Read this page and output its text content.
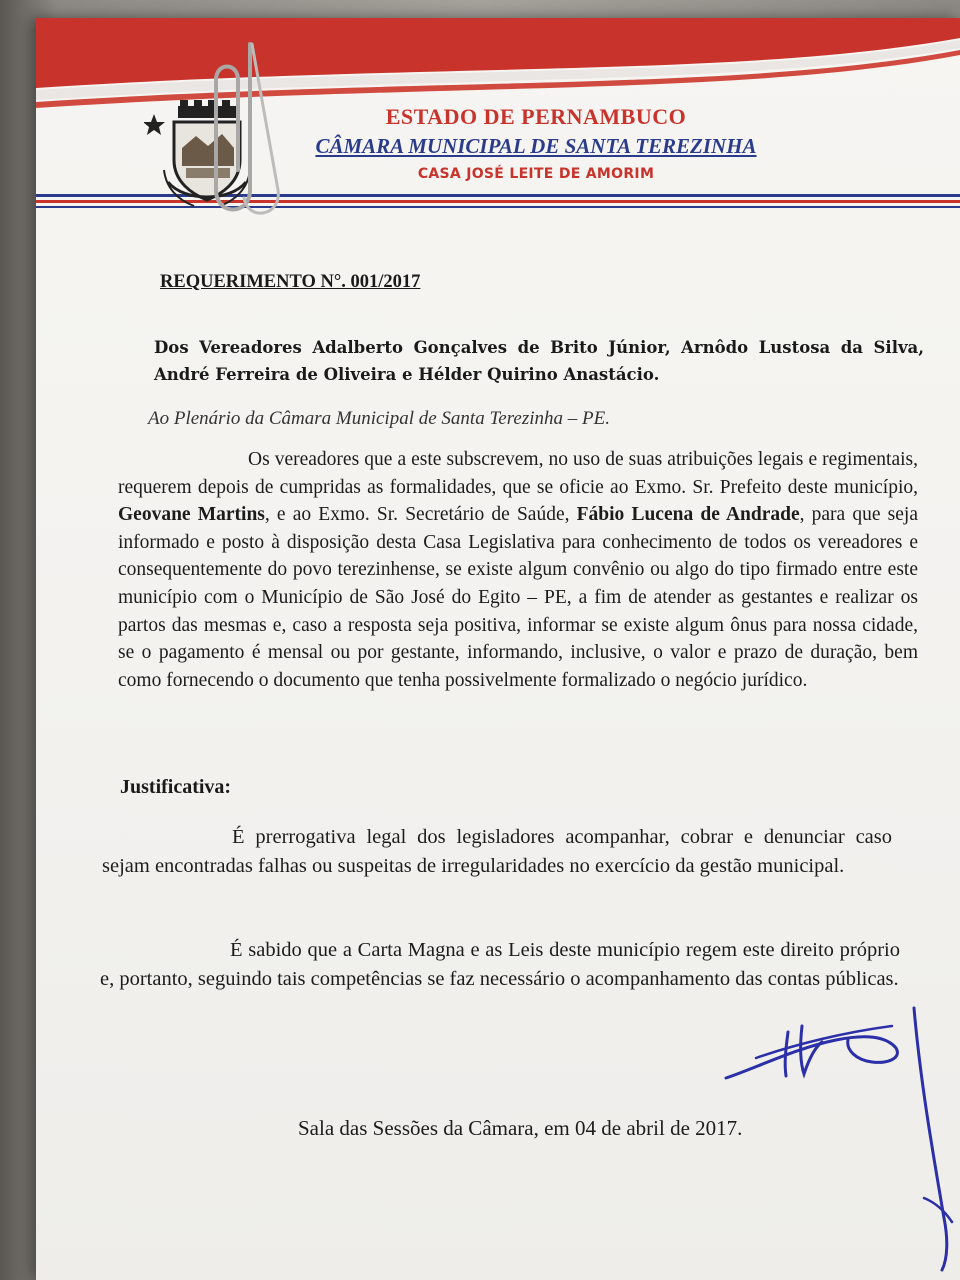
ESTADO DE PERNAMBUCO
CÂMARA MUNICIPAL DE SANTA TEREZINHA
CASA JOSÉ LEITE DE AMORIM
REQUERIMENTO N°. 001/2017
Dos Vereadores Adalberto Gonçalves de Brito Júnior, Arnôdo Lustosa da Silva, André Ferreira de Oliveira e Hélder Quirino Anastácio.
Ao Plenário da Câmara Municipal de Santa Terezinha – PE.
Os vereadores que a este subscrevem, no uso de suas atribuições legais e regimentais, requerem depois de cumpridas as formalidades, que se oficie ao Exmo. Sr. Prefeito deste município, Geovane Martins, e ao Exmo. Sr. Secretário de Saúde, Fábio Lucena de Andrade, para que seja informado e posto à disposição desta Casa Legislativa para conhecimento de todos os vereadores e consequentemente do povo terezinhense, se existe algum convênio ou algo do tipo firmado entre este município com o Município de São José do Egito – PE, a fim de atender as gestantes e realizar os partos das mesmas e, caso a resposta seja positiva, informar se existe algum ônus para nossa cidade, se o pagamento é mensal ou por gestante, informando, inclusive, o valor e prazo de duração, bem como fornecendo o documento que tenha possivelmente formalizado o negócio jurídico.
Justificativa:
É prerrogativa legal dos legisladores acompanhar, cobrar e denunciar caso sejam encontradas falhas ou suspeitas de irregularidades no exercício da gestão municipal.
É sabido que a Carta Magna e as Leis deste município regem este direito próprio e, portanto, seguindo tais competências se faz necessário o acompanhamento das contas públicas.
Sala das Sessões da Câmara, em 04 de abril de 2017.
